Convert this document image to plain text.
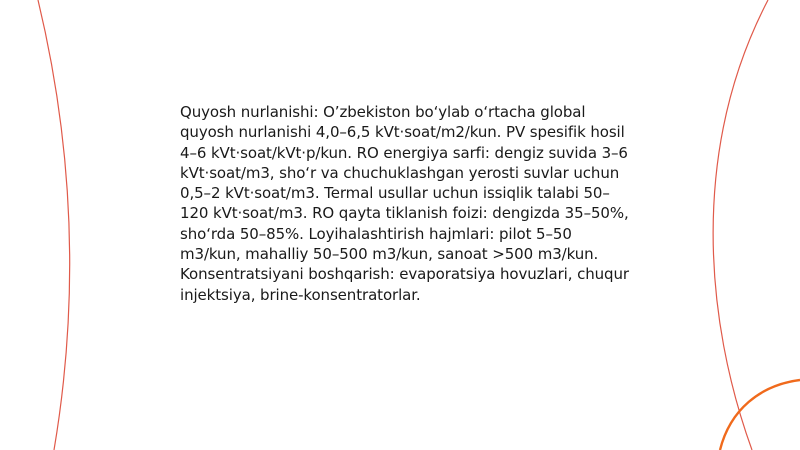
Quyosh nurlanishi: O’zbekiston bo‘ylab o‘rtacha global quyosh nurlanishi 4,0–6,5 kVt·soat/m2/kun. PV spesifik hosil 4–6 kVt·soat/kVt·p/kun. RO energiya sarfi: dengiz suvida 3–6 kVt·soat/m3, sho‘r va chuchuklashgan yerosti suvlar uchun 0,5–2 kVt·soat/m3. Termal usullar uchun issiqlik talabi 50–120 kVt·soat/m3. RO qayta tiklanish foizi: dengizda 35–50%, sho‘rda 50–85%. Loyihalashtirish hajmlari: pilot 5–50 m3/kun, mahalliy 50–500 m3/kun, sanoat >500 m3/kun. Konsentratsiyani boshqarish: evaporatsiya hovuzlari, chuqur injektsiya, brine-konsentratorlar.
